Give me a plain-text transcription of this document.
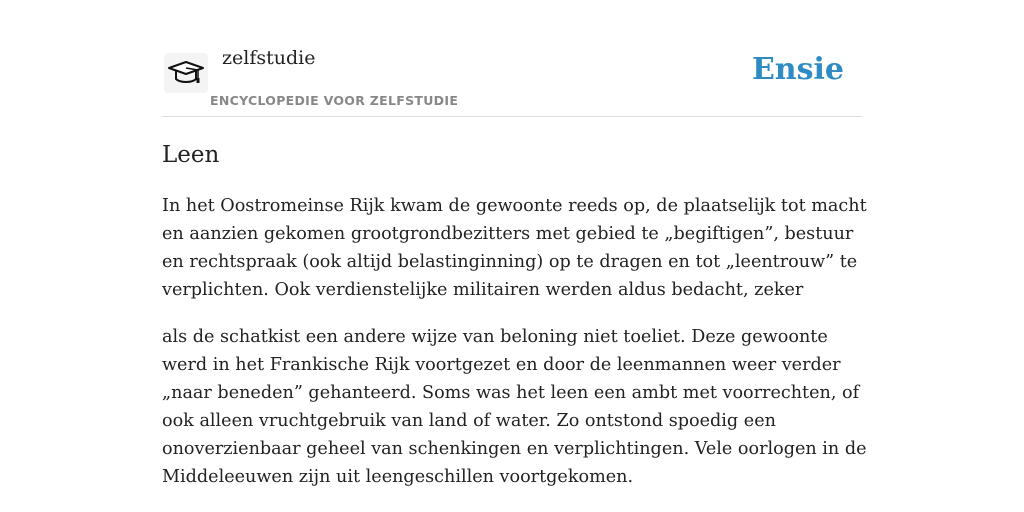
zelfstudie
ENCYCLOPEDIE VOOR ZELFSTUDIE
Ensie
Leen

In het Oostromeinse Rijk kwam de gewoonte reeds op, de plaatselijk tot macht en aanzien gekomen grootgrondbezitters met gebied te „begiftigen”, bestuur en rechtspraak (ook altijd belastinginning) op te dragen en tot „leentrouw” te verplichten. Ook verdienstelijke militairen werden aldus bedacht, zeker

als de schatkist een andere wijze van beloning niet toeliet. Deze gewoonte werd in het Frankische Rijk voortgezet en door de leenmannen weer verder „naar beneden” gehanteerd. Soms was het leen een ambt met voorrechten, of ook alleen vruchtgebruik van land of water. Zo ontstond spoedig een onoverzienbaar geheel van schenkingen en verplichtingen. Vele oorlogen in de Middeleeuwen zijn uit leengeschillen voortgekomen.
